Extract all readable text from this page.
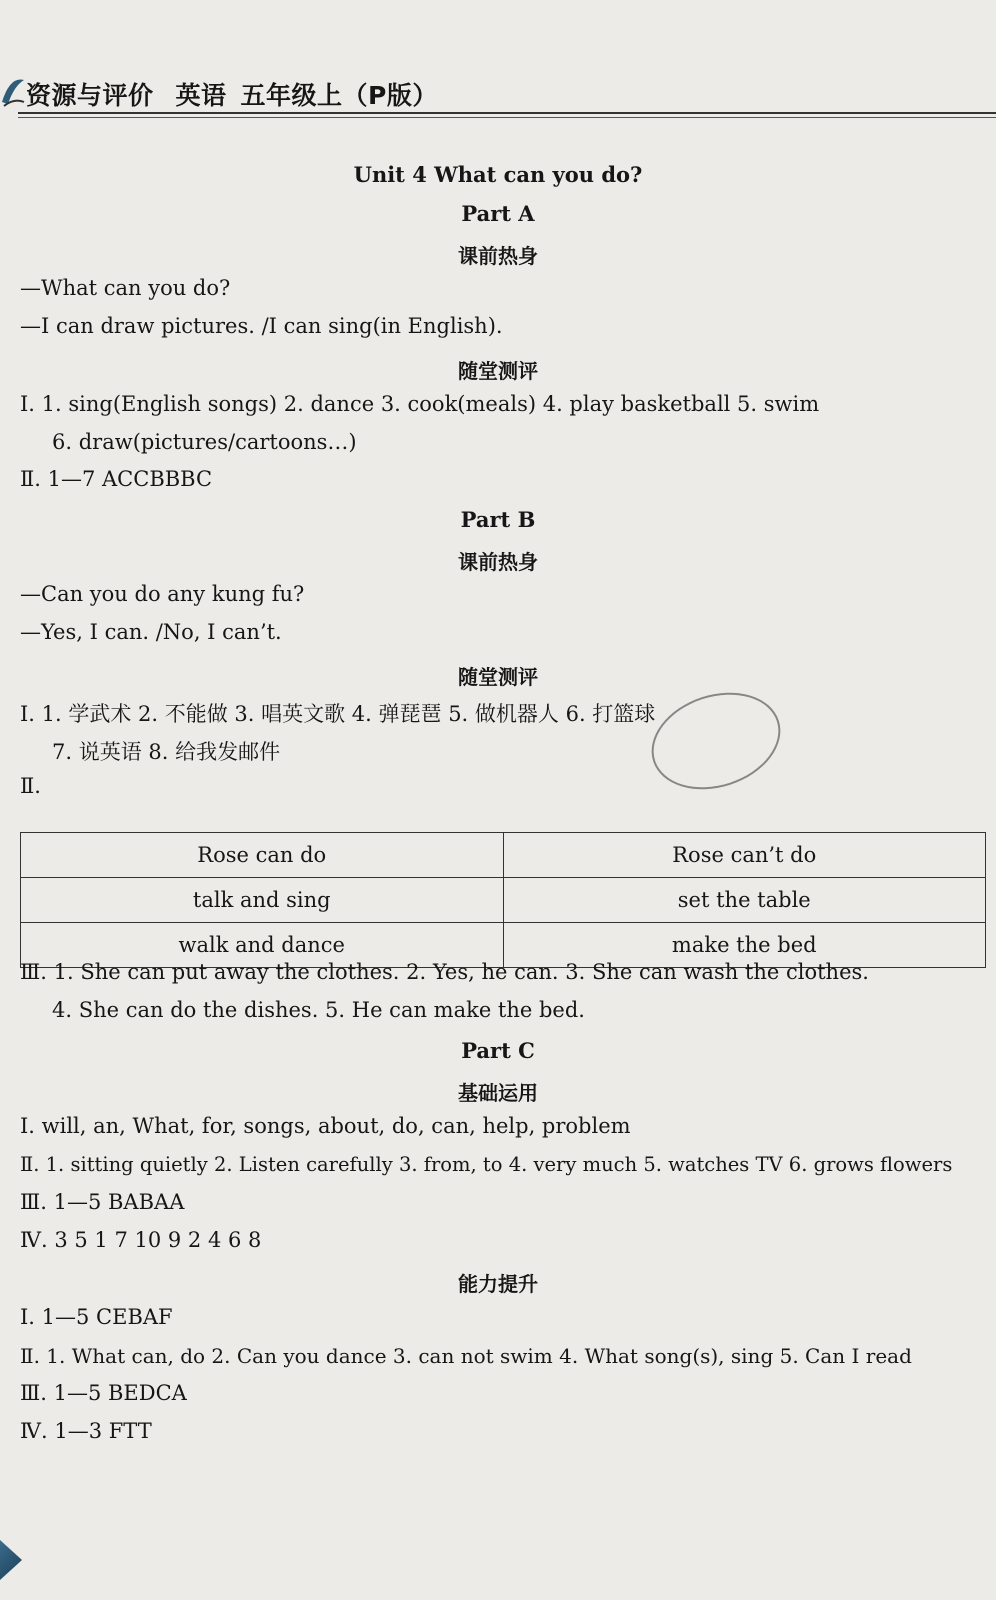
资源与评价 英语 五年级上（P版）
Unit 4 What can you do?
Part A
课前热身
—What can you do?
—I can draw pictures. /I can sing(in English).
随堂测评
Ⅰ. 1. sing(English songs) 2. dance 3. cook(meals) 4. play basketball 5. swim
6. draw(pictures/cartoons…)
Ⅱ. 1—7 ACCBBBC
Part B
课前热身
—Can you do any kung fu?
—Yes, I can. /No, I can’t.
随堂测评
Ⅰ. 1. 学武术 2. 不能做 3. 唱英文歌 4. 弹琵琶 5. 做机器人 6. 打篮球
7. 说英语 8. 给我发邮件
Ⅱ.
Rose can do	Rose can’t do
talk and sing	set the table
walk and dance	make the bed
Ⅲ. 1. She can put away the clothes. 2. Yes, he can. 3. She can wash the clothes.
4. She can do the dishes. 5. He can make the bed.
Part C
基础运用
Ⅰ. will, an, What, for, songs, about, do, can, help, problem
Ⅱ. 1. sitting quietly 2. Listen carefully 3. from, to 4. very much 5. watches TV 6. grows flowers
Ⅲ. 1—5 BABAA
Ⅳ. 3 5 1 7 10 9 2 4 6 8
能力提升
Ⅰ. 1—5 CEBAF
Ⅱ. 1. What can, do 2. Can you dance 3. can not swim 4. What song(s), sing 5. Can I read
Ⅲ. 1—5 BEDCA
Ⅳ. 1—3 FTT
